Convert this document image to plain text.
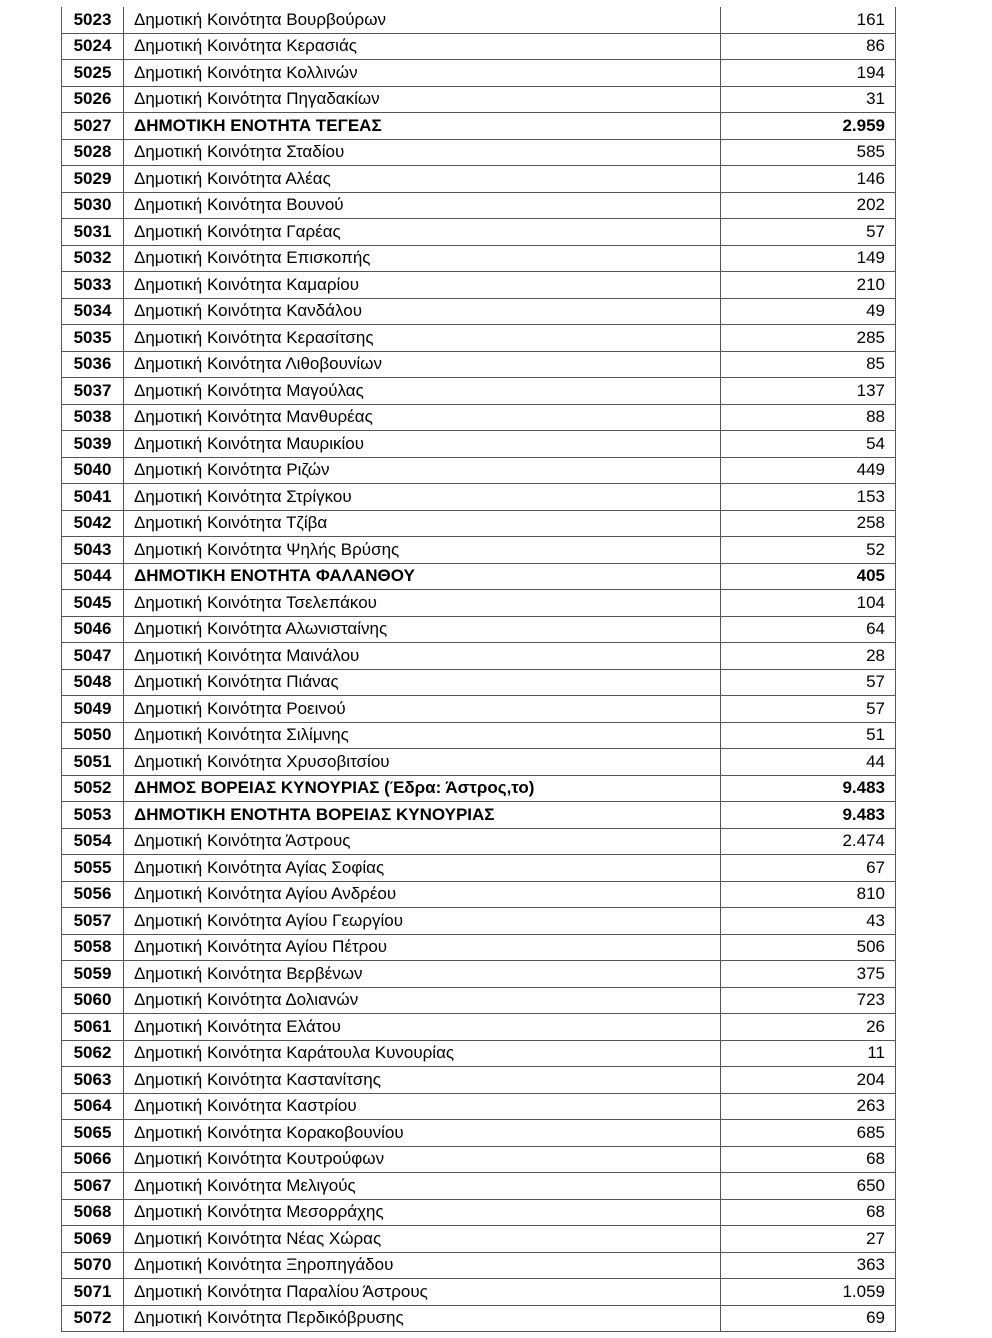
5023	Δημοτική Κοινότητα Βουρβούρων	161
5024	Δημοτική Κοινότητα Κερασιάς	86
5025	Δημοτική Κοινότητα Κολλινών	194
5026	Δημοτική Κοινότητα Πηγαδακίων	31
5027	ΔΗΜΟΤΙΚΗ ΕΝΟΤΗΤΑ ΤΕΓΕΑΣ	2.959
5028	Δημοτική Κοινότητα Σταδίου	585
5029	Δημοτική Κοινότητα Αλέας	146
5030	Δημοτική Κοινότητα Βουνού	202
5031	Δημοτική Κοινότητα Γαρέας	57
5032	Δημοτική Κοινότητα Επισκοπής	149
5033	Δημοτική Κοινότητα Καμαρίου	210
5034	Δημοτική Κοινότητα Κανδάλου	49
5035	Δημοτική Κοινότητα Κερασίτσης	285
5036	Δημοτική Κοινότητα Λιθοβουνίων	85
5037	Δημοτική Κοινότητα Μαγούλας	137
5038	Δημοτική Κοινότητα Μανθυρέας	88
5039	Δημοτική Κοινότητα Μαυρικίου	54
5040	Δημοτική Κοινότητα Ριζών	449
5041	Δημοτική Κοινότητα Στρίγκου	153
5042	Δημοτική Κοινότητα Τζίβα	258
5043	Δημοτική Κοινότητα Ψηλής Βρύσης	52
5044	ΔΗΜΟΤΙΚΗ ΕΝΟΤΗΤΑ ΦΑΛΑΝΘΟΥ	405
5045	Δημοτική Κοινότητα Τσελεπάκου	104
5046	Δημοτική Κοινότητα Αλωνισταίνης	64
5047	Δημοτική Κοινότητα Μαινάλου	28
5048	Δημοτική Κοινότητα Πιάνας	57
5049	Δημοτική Κοινότητα Ροεινού	57
5050	Δημοτική Κοινότητα Σιλίμνης	51
5051	Δημοτική Κοινότητα Χρυσοβιτσίου	44
5052	ΔΗΜΟΣ ΒΟΡΕΙΑΣ ΚΥΝΟΥΡΙΑΣ (Έδρα: Άστρος,το)	9.483
5053	ΔΗΜΟΤΙΚΗ ΕΝΟΤΗΤΑ ΒΟΡΕΙΑΣ ΚΥΝΟΥΡΙΑΣ	9.483
5054	Δημοτική Κοινότητα Άστρους	2.474
5055	Δημοτική Κοινότητα Αγίας Σοφίας	67
5056	Δημοτική Κοινότητα Αγίου Ανδρέου	810
5057	Δημοτική Κοινότητα Αγίου Γεωργίου	43
5058	Δημοτική Κοινότητα Αγίου Πέτρου	506
5059	Δημοτική Κοινότητα Βερβένων	375
5060	Δημοτική Κοινότητα Δολιανών	723
5061	Δημοτική Κοινότητα Ελάτου	26
5062	Δημοτική Κοινότητα Καράτουλα Κυνουρίας	11
5063	Δημοτική Κοινότητα Καστανίτσης	204
5064	Δημοτική Κοινότητα Καστρίου	263
5065	Δημοτική Κοινότητα Κορακοβουνίου	685
5066	Δημοτική Κοινότητα Κουτρούφων	68
5067	Δημοτική Κοινότητα Μελιγούς	650
5068	Δημοτική Κοινότητα Μεσορράχης	68
5069	Δημοτική Κοινότητα Νέας Χώρας	27
5070	Δημοτική Κοινότητα Ξηροπηγάδου	363
5071	Δημοτική Κοινότητα Παραλίου Άστρους	1.059
5072	Δημοτική Κοινότητα Περδικόβρυσης	69
